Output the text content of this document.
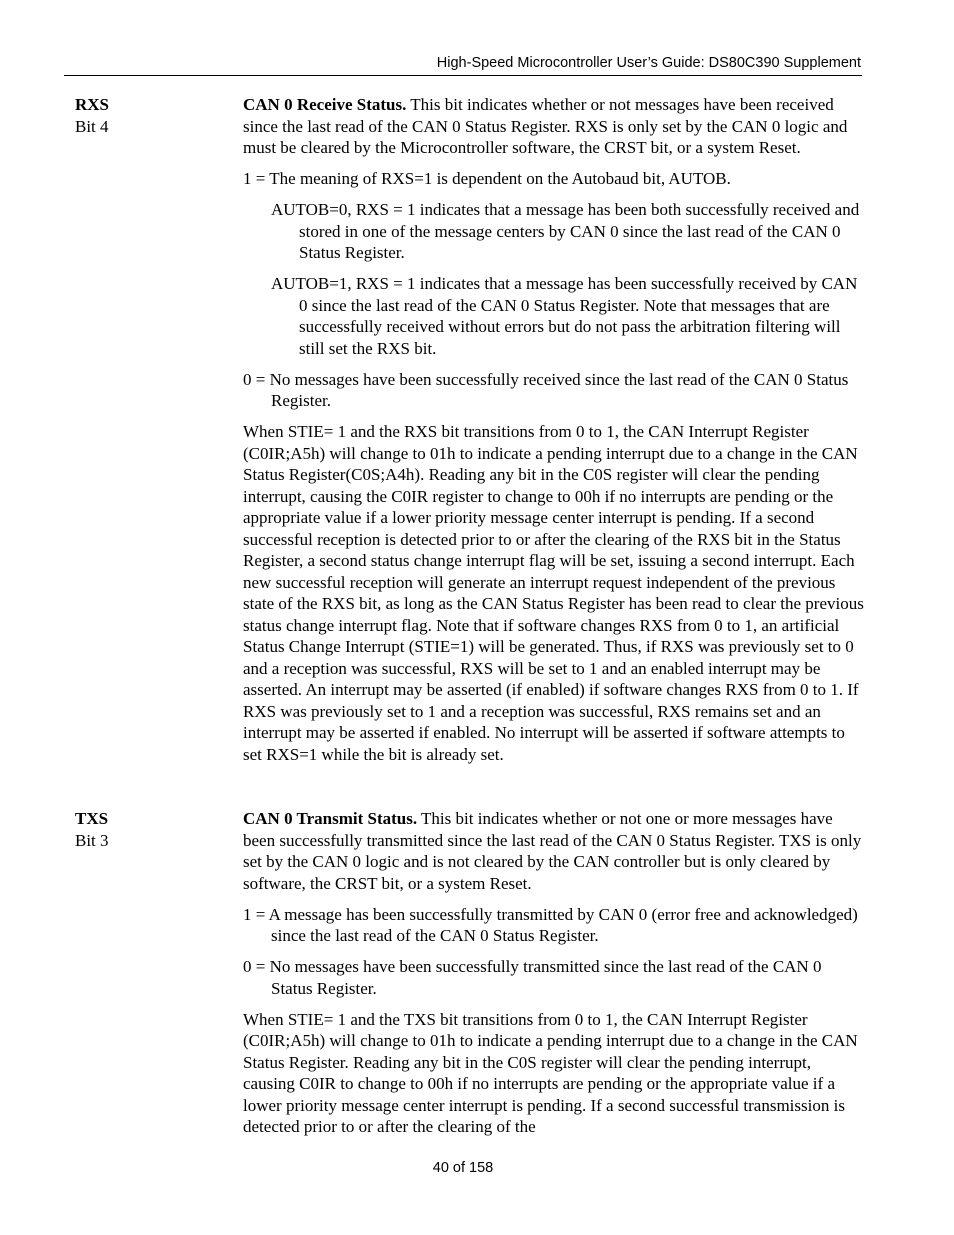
High-Speed Microcontroller User’s Guide: DS80C390 Supplement
RXS
Bit 4

CAN 0 Receive Status. This bit indicates whether or not messages have been received since the last read of the CAN 0 Status Register. RXS is only set by the CAN 0 logic and must be cleared by the Microcontroller software, the CRST bit, or a system Reset.

1 = The meaning of RXS=1 is dependent on the Autobaud bit, AUTOB.

AUTOB=0, RXS = 1 indicates that a message has been both successfully received and stored in one of the message centers by CAN 0 since the last read of the CAN 0 Status Register.

AUTOB=1, RXS = 1 indicates that a message has been successfully received by CAN 0 since the last read of the CAN 0 Status Register. Note that messages that are successfully received without errors but do not pass the arbitration filtering will still set the RXS bit.

0 = No messages have been successfully received since the last read of the CAN 0 Status Register.

When STIE= 1 and the RXS bit transitions from 0 to 1, the CAN Interrupt Register (C0IR;A5h) will change to 01h to indicate a pending interrupt due to a change in the CAN Status Register(C0S;A4h). Reading any bit in the C0S register will clear the pending interrupt, causing the C0IR register to change to 00h if no interrupts are pending or the appropriate value if a lower priority message center interrupt is pending. If a second successful reception is detected prior to or after the clearing of the RXS bit in the Status Register, a second status change interrupt flag will be set, issuing a second interrupt. Each new successful reception will generate an interrupt request independent of the previous state of the RXS bit, as long as the CAN Status Register has been read to clear the previous status change interrupt flag. Note that if software changes RXS from 0 to 1, an artificial Status Change Interrupt (STIE=1) will be generated. Thus, if RXS was previously set to 0 and a reception was successful, RXS will be set to 1 and an enabled interrupt may be asserted. An interrupt may be asserted (if enabled) if software changes RXS from 0 to 1. If RXS was previously set to 1 and a reception was successful, RXS remains set and an interrupt may be asserted if enabled. No interrupt will be asserted if software attempts to set RXS=1 while the bit is already set.

TXS
Bit 3

CAN 0 Transmit Status. This bit indicates whether or not one or more messages have been successfully transmitted since the last read of the CAN 0 Status Register. TXS is only set by the CAN 0 logic and is not cleared by the CAN controller but is only cleared by software, the CRST bit, or a system Reset.

1 = A message has been successfully transmitted by CAN 0 (error free and acknowledged) since the last read of the CAN 0 Status Register.

0 = No messages have been successfully transmitted since the last read of the CAN 0 Status Register.

When STIE= 1 and the TXS bit transitions from 0 to 1, the CAN Interrupt Register (C0IR;A5h) will change to 01h to indicate a pending interrupt due to a change in the CAN Status Register. Reading any bit in the C0S register will clear the pending interrupt, causing C0IR to change to 00h if no interrupts are pending or the appropriate value if a lower priority message center interrupt is pending. If a second successful transmission is detected prior to or after the clearing of the

40 of 158
